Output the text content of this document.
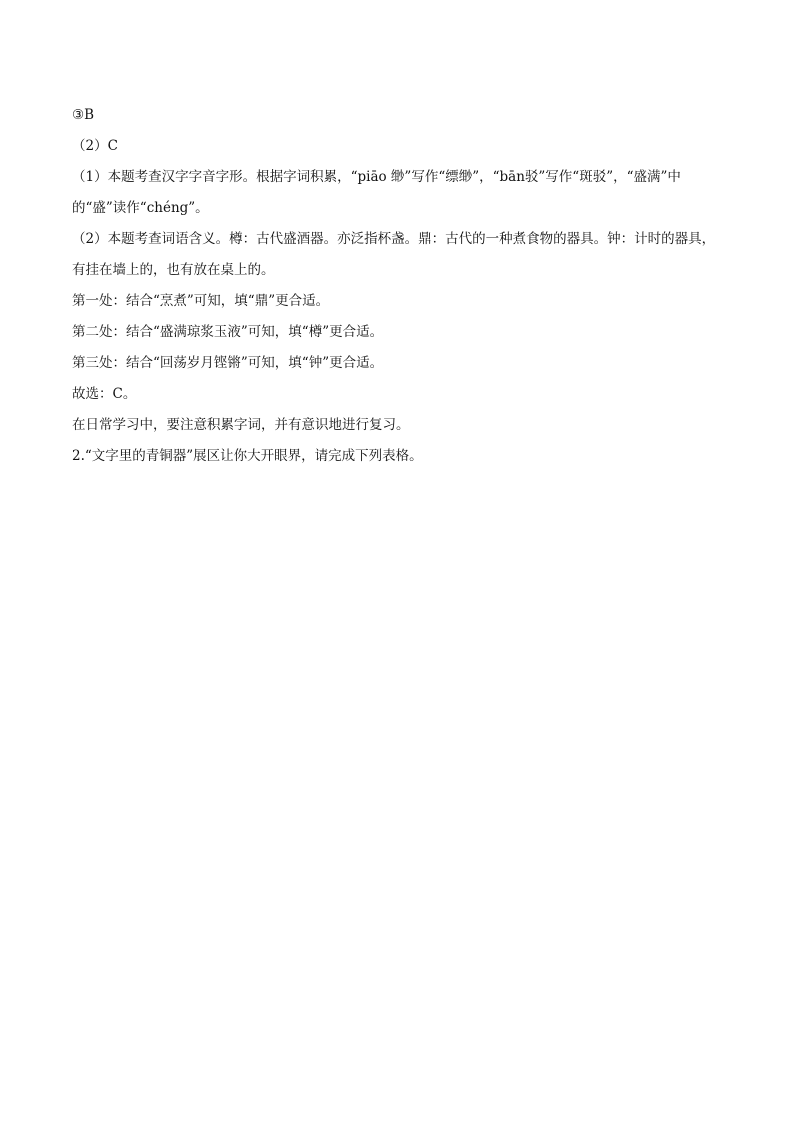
③B
（2）C
（1）本题考查汉字字音字形。根据字词积累，“piāo 缈”写作“缥缈”，“bān驳”写作“斑驳”，“盛满”中的“盛”读作“chéng”。
（2）本题考查词语含义。樽：古代盛酒器。亦泛指杯盏。鼎：古代的一种煮食物的器具。钟：计时的器具，有挂在墙上的，也有放在桌上的。
第一处：结合“烹煮”可知，填“鼎”更合适。
第二处：结合“盛满琼浆玉液”可知，填“樽”更合适。
第三处：结合“回荡岁月铿锵”可知，填“钟”更合适。
故选：C。
在日常学习中，要注意积累字词，并有意识地进行复习。
2.“文字里的青铜器”展区让你大开眼界，请完成下列表格。
